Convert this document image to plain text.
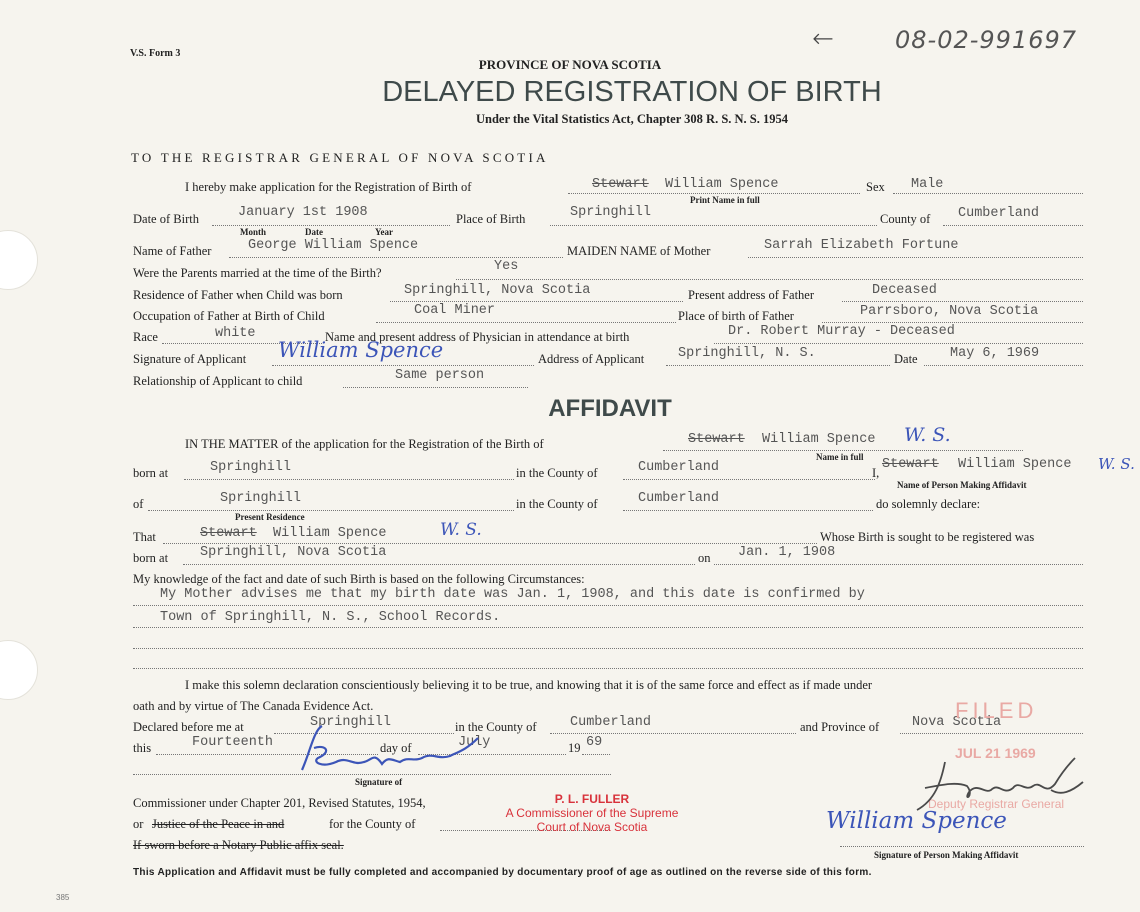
V.S. Form 3	←	08-02-991697
PROVINCE OF NOVA SCOTIA
DELAYED REGISTRATION OF BIRTH
Under the Vital Statistics Act, Chapter 308 R. S. N. S. 1954
TO THE REGISTRAR GENERAL OF NOVA SCOTIA
I hereby make application for the Registration of Birth of	Stewart William Spence
Print Name in full
Sex Male
Date of Birth	January 1st 1908
Month	Date	Year
Place of Birth	Springhill	County of Cumberland
Name of Father	George William Spence	MAIDEN NAME of Mother	Sarrah Elizabeth Fortune
Were the Parents married at the time of the Birth?	Yes
Residence of Father when Child was born	Springhill, Nova Scotia	Present address of Father	Deceased
Occupation of Father at Birth of Child	Coal Miner	Place of birth of Father	Parrsboro, Nova Scotia
Race	white	Name and present address of Physician in attendance at birth	Dr. Robert Murray - Deceased
Signature of Applicant William Spence	Address of Applicant	Springhill, N. S.	Date May 6, 1969
Relationship of Applicant to child	Same person
AFFIDAVIT
IN THE MATTER of the application for the Registration of the Birth of	Stewart William Spence W. S.
Name in full
born at	Springhill	in the County of	Cumberland	I,
Stewart William Spence W. S.
Name of Person Making Affidavit
of	Springhill
Present Residence
in the County of	Cumberland	do solemnly declare:
That	Stewart William Spence	W. S.	Whose Birth is sought to be registered was
born at Springhill, Nova Scotia	on Jan. 1, 1908
My knowledge of the fact and date of such Birth is based on the following Circumstances:
My Mother advises me that my birth date was Jan. 1, 1908, and this date is confirmed by
Town of Springhill, N. S., School Records.
I make this solemn declaration conscientiously believing it to be true, and knowing that it is of the same force and effect as if made under
oath and by virtue of The Canada Evidence Act.
Declared before me at	Springhill	in the County of Cumberland	and Province of Nova Scotia
this	Fourteenth	day of	July	19 69
Signature of
Commissioner under Chapter 201, Revised Statutes, 1954,
or Justice of the Peace in and	for the County of
If sworn before a Notary Public affix seal.
P. L. FULLER
A Commissioner of the Supreme
Court of Nova Scotia
FILED
JUL 21 1969
Deputy Registrar General
William Spence
Signature of Person Making Affidavit
This Application and Affidavit must be fully completed and accompanied by documentary proof of age as outlined on the reverse side of this form.
385
